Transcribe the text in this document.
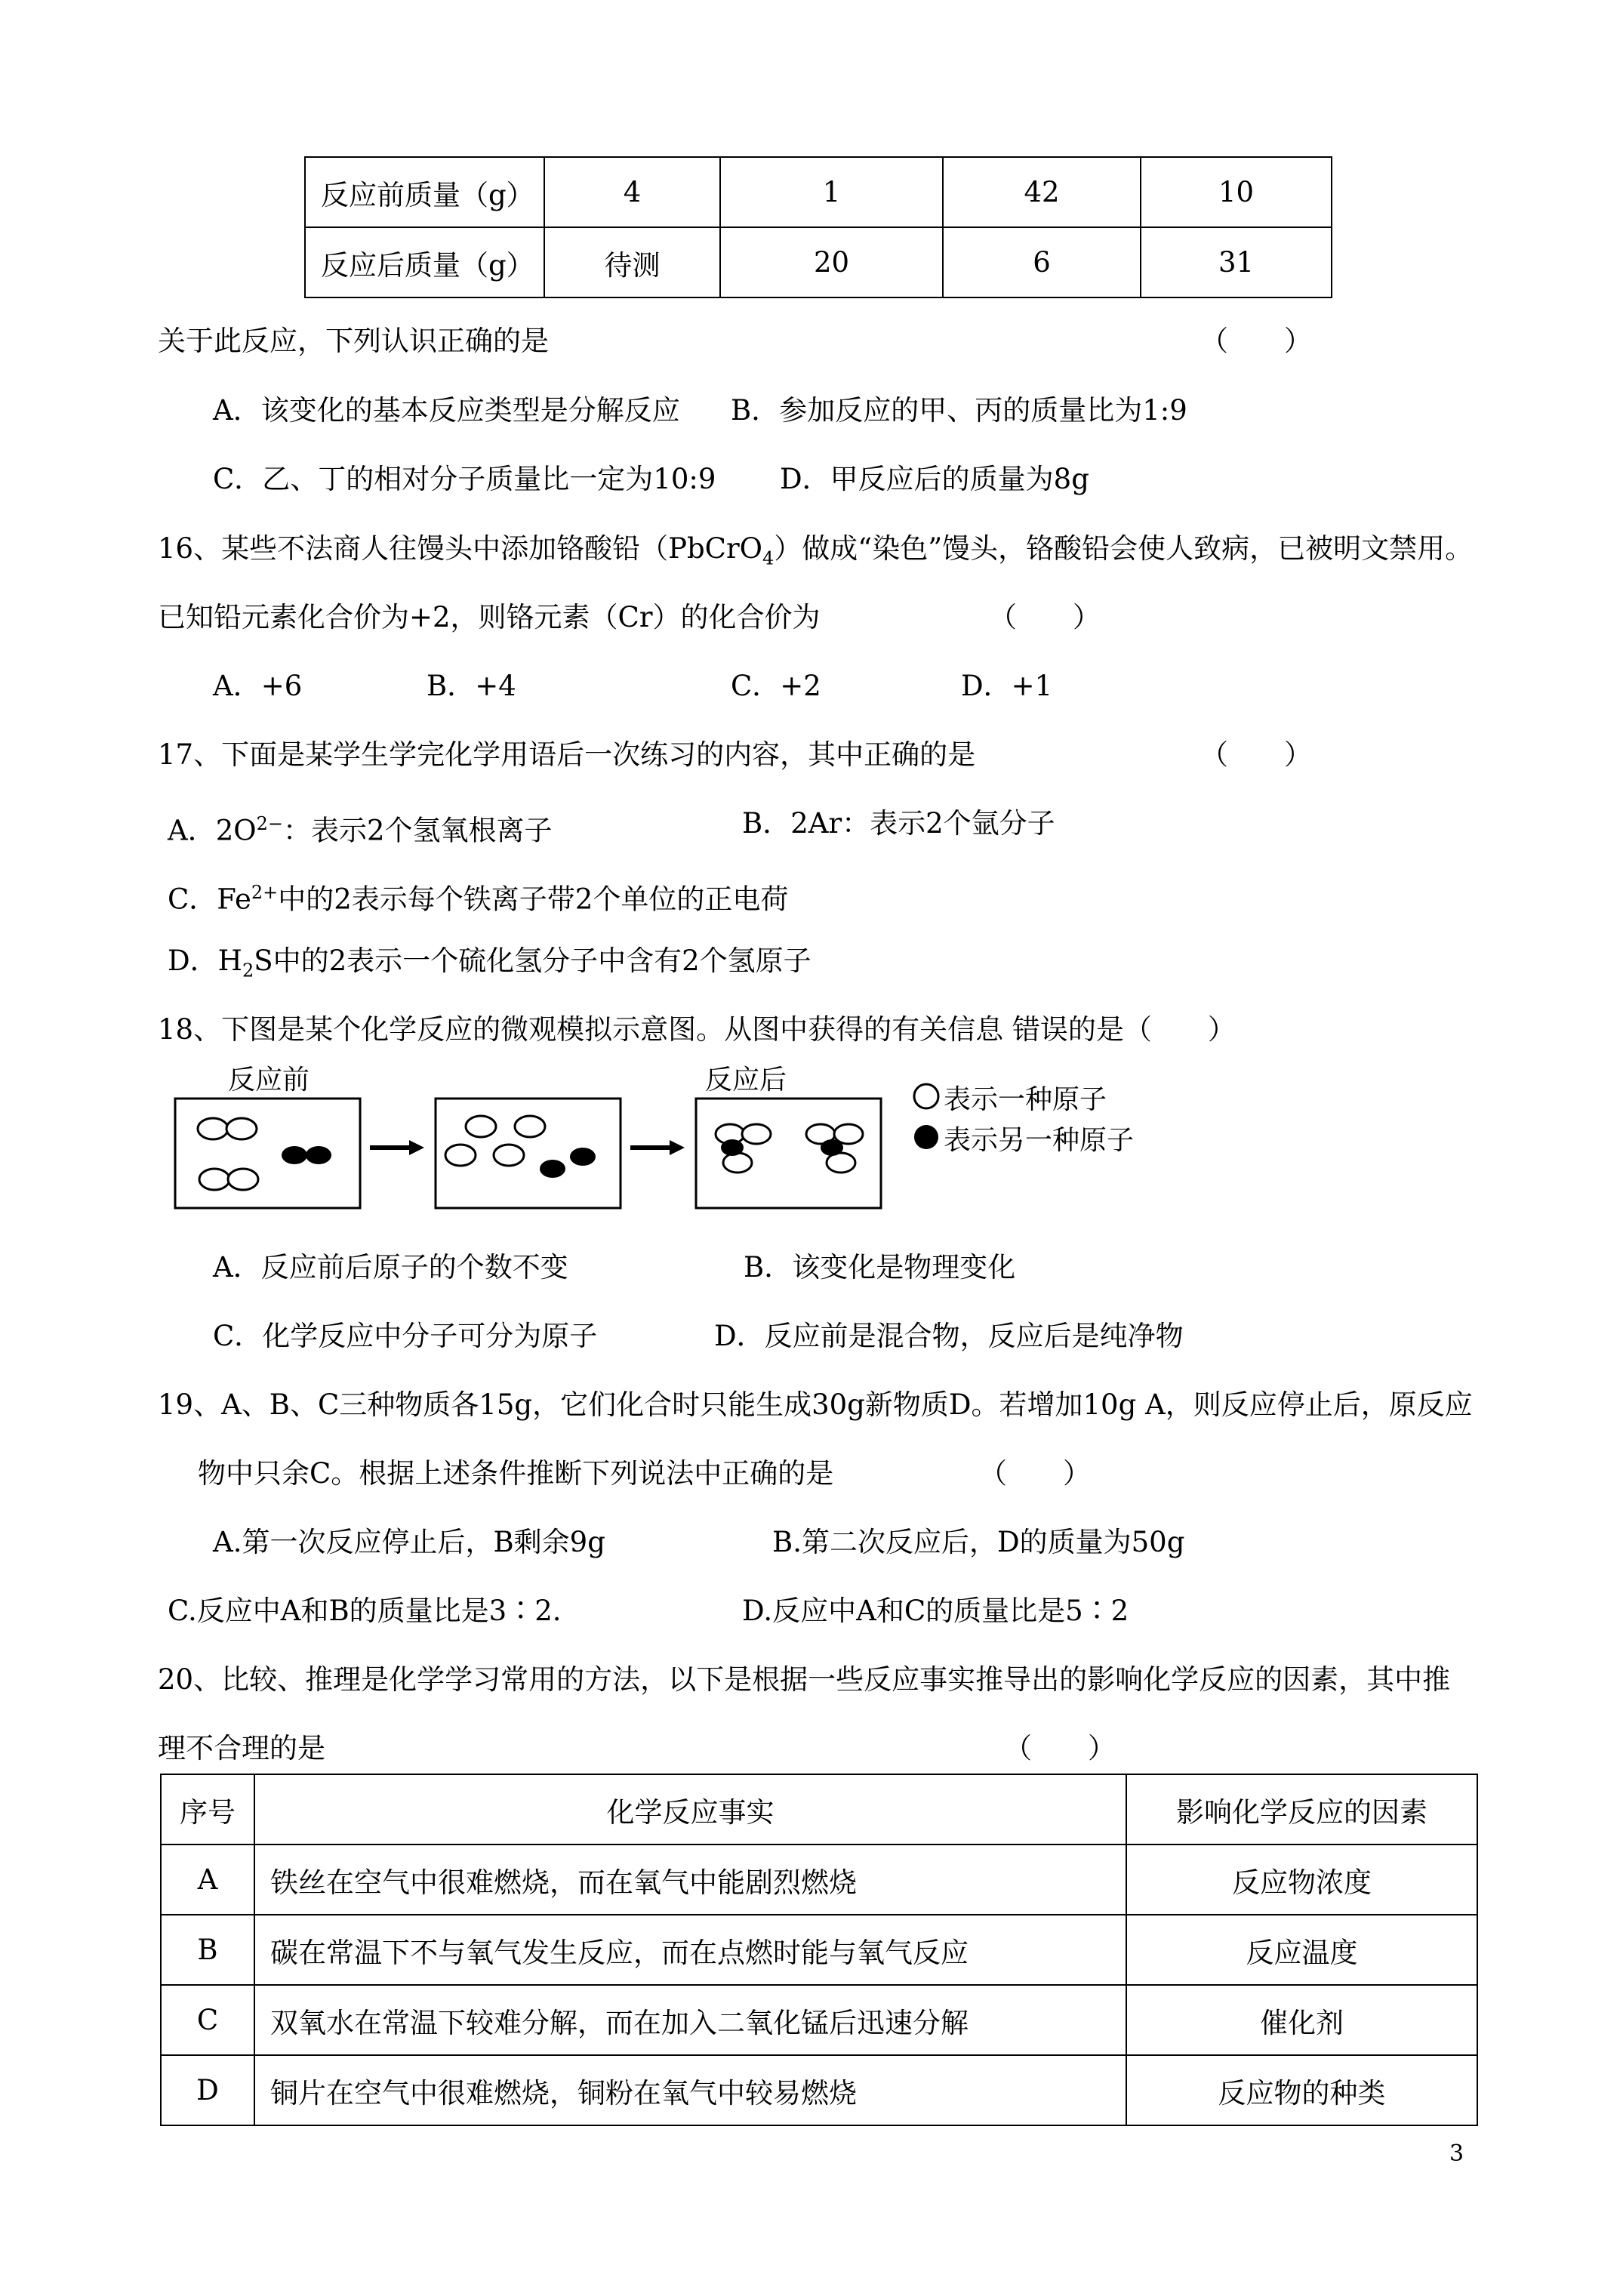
反应前质量（g）	4	1	42	10
反应后质量（g）	待测	20	6	31
关于此反应，下列认识正确的是	（　　）
A．该变化的基本反应类型是分解反应 B．参加反应的甲、丙的质量比为1:9
C．乙、丁的相对分子质量比一定为10:9 D．甲反应后的质量为8g
16、某些不法商人往馒头中添加铬酸铅（PbCrO$_4$）做成“染色”馒头，铬酸铅会使人致病，已被明文禁用。
已知铅元素化合价为+2，则铬元素（Cr）的化合价为	（　　）
A．+6	B．+4	C．+2	D．+1
17、下面是某学生学完化学用语后一次练习的内容，其中正确的是	（　　）
A．$2O^{2-}$：表示2个氢氧根离子	B．2Ar：表示2个氩分子
C．$Fe^{2+}$中的2表示每个铁离子带2个单位的正电荷
D．$H_2S$中的2表示一个硫化氢分子中含有2个氢原子
18、下图是某个化学反应的微观模拟示意图。从图中获得的有关信息 错误的是（　　）
反应前	反应后
表示一种原子
表示另一种原子
A．反应前后原子的个数不变	B．该变化是物理变化
C．化学反应中分子可分为原子	D．反应前是混合物，反应后是纯净物
19、A、B、C三种物质各15g，它们化合时只能生成30g新物质D。若增加10g A，则反应停止后，原反应
物中只余C。根据上述条件推断下列说法中正确的是	（　　）
A.第一次反应停止后，B剩余9g	B.第二次反应后，D的质量为50g
C.反应中A和B的质量比是3∶2.	D.反应中A和C的质量比是5∶2
20、比较、推理是化学学习常用的方法，以下是根据一些反应事实推导出的影响化学反应的因素，其中推
理不合理的是	（　　）
序号	化学反应事实	影响化学反应的因素
A	铁丝在空气中很难燃烧，而在氧气中能剧烈燃烧	反应物浓度
B	碳在常温下不与氧气发生反应，而在点燃时能与氧气反应	反应温度
C	双氧水在常温下较难分解，而在加入二氧化锰后迅速分解	催化剂
D	铜片在空气中很难燃烧，铜粉在氧气中较易燃烧	反应物的种类
3
